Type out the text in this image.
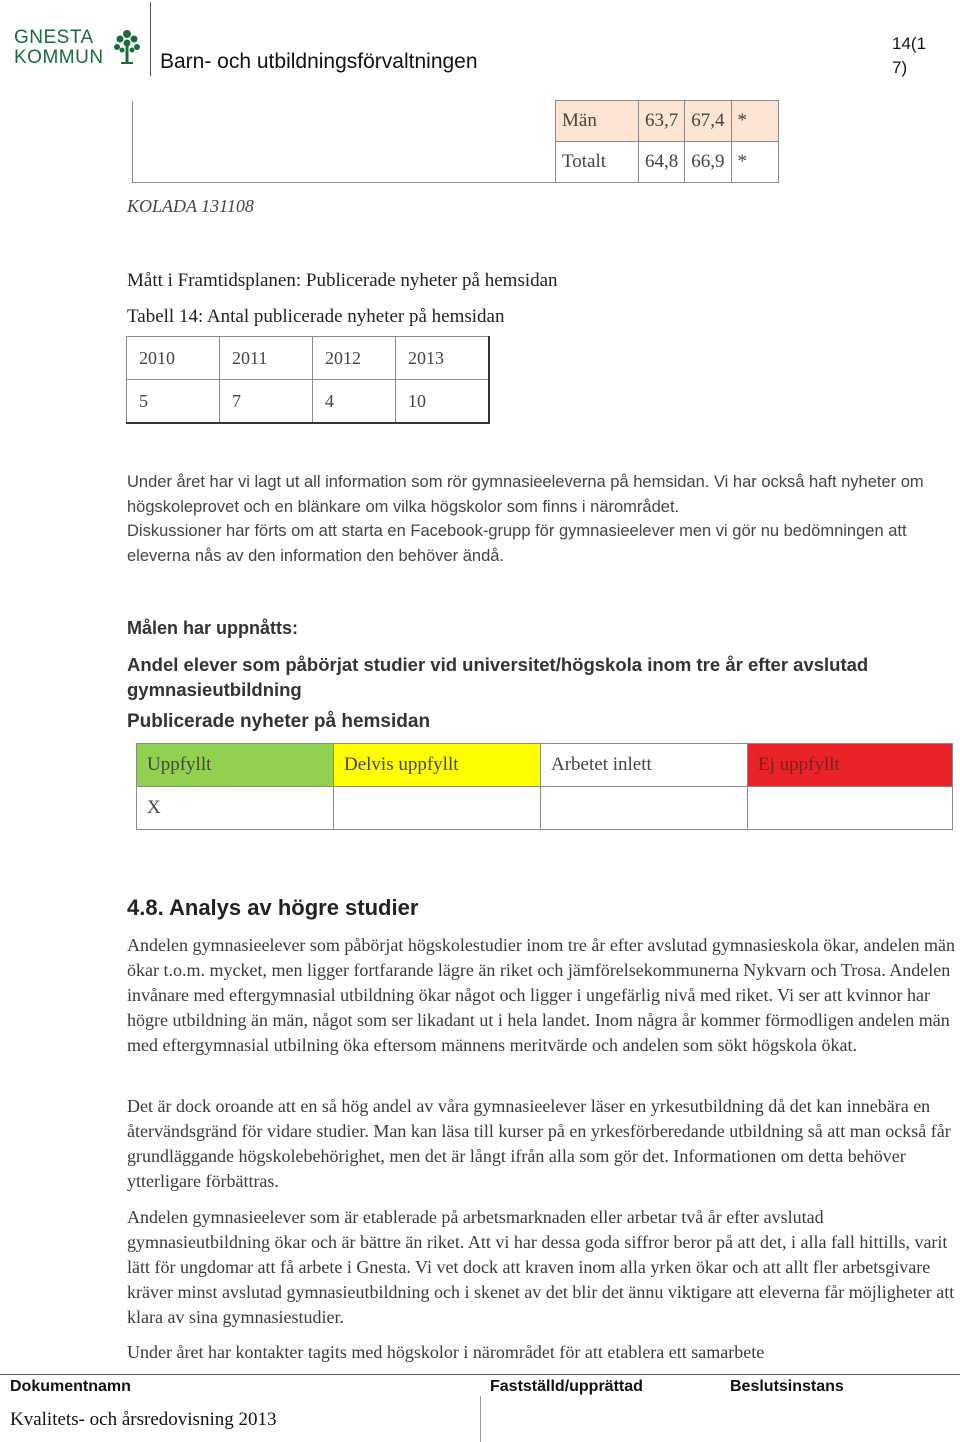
GNESTA
KOMMUN	Barn- och utbildningsförvaltningen
14(1
7)
	Män	63,7	67,4	*
	Totalt	64,8	66,9	*
KOLADA 131108
Mått i Framtidsplanen: Publicerade nyheter på hemsidan
Tabell 14: Antal publicerade nyheter på hemsidan
2010	2011	2012	2013
5	7	4	10
Under året har vi lagt ut all information som rör gymnasieeleverna på hemsidan. Vi har också haft nyheter om högskoleprovet och en blänkare om vilka högskolor som finns i närområdet.
Diskussioner har förts om att starta en Facebook-grupp för gymnasieelever men vi gör nu bedömningen att eleverna nås av den information den behöver ändå.
Målen har uppnåtts:
Andel elever som påbörjat studier vid universitet/högskola inom tre år efter avslutad gymnasieutbildning
Publicerade nyheter på hemsidan
Uppfyllt	Delvis uppfyllt	Arbetet inlett	Ej uppfyllt
X			
4.8. Analys av högre studier
Andelen gymnasieelever som påbörjat högskolestudier inom tre år efter avslutad gymnasieskola ökar, andelen män ökar t.o.m. mycket, men ligger fortfarande lägre än riket och jämförelsekommunerna Nykvarn och Trosa. Andelen invånare med eftergymnasial utbildning ökar något och ligger i ungefärlig nivå med riket. Vi ser att kvinnor har högre utbildning än män, något som ser likadant ut i hela landet. Inom några år kommer förmodligen andelen män med eftergymnasial utbilning öka eftersom männens meritvärde och andelen som sökt högskola ökat.
Det är dock oroande att en så hög andel av våra gymnasieelever läser en yrkesutbildning då det kan innebära en återvändsgränd för vidare studier. Man kan läsa till kurser på en yrkesförberedande utbildning så att man också får grundläggande högskolebehörighet, men det är långt ifrån alla som gör det. Informationen om detta behöver ytterligare förbättras.
Andelen gymnasieelever som är etablerade på arbetsmarknaden eller arbetar två år efter avslutad gymnasieutbildning ökar och är bättre än riket. Att vi har dessa goda siffror beror på att det, i alla fall hittills, varit lätt för ungdomar att få arbete i Gnesta. Vi vet dock att kraven inom alla yrken ökar och att allt fler arbetsgivare kräver minst avslutad gymnasieutbildning och i skenet av det blir det ännu viktigare att eleverna får möjligheter att klara av sina gymnasiestudier.
Under året har kontakter tagits med högskolor i närområdet för att etablera ett samarbete
Dokumentnamn	Fastställd/upprättad	Beslutsinstans
Kvalitets- och årsredovisning 2013
